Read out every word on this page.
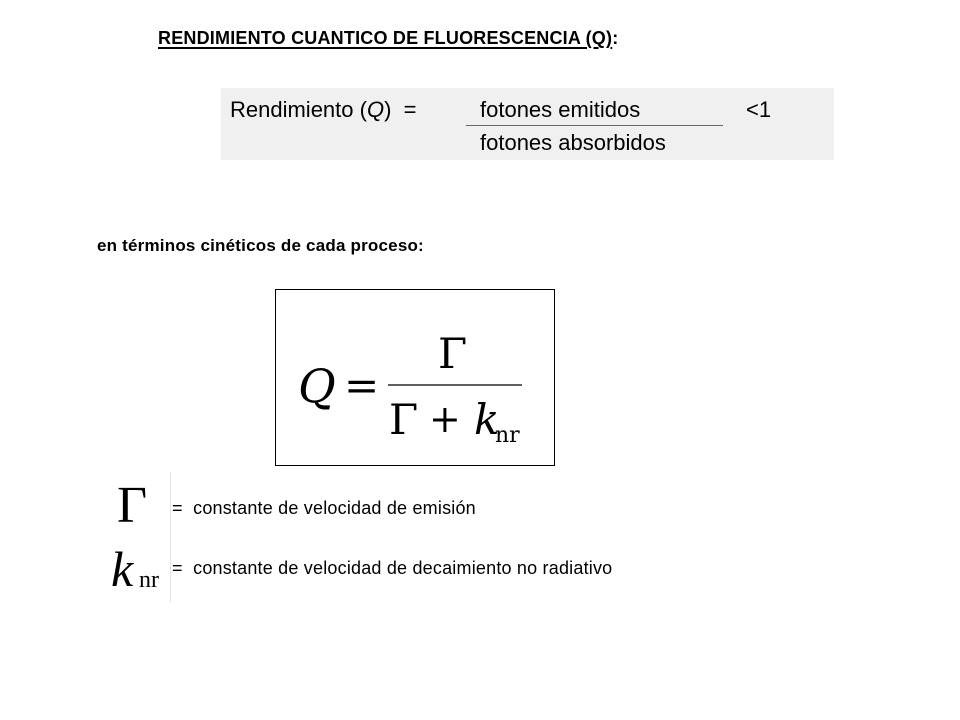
RENDIMIENTO CUANTICO DE FLUORESCENCIA (Q):
Rendimiento (Q)  =	fotones emitidos
fotones absorbidos
<1
en términos cinéticos de cada proceso:
Q =
Γ
Γ + k
nr
Γ
k nr
=  constante de velocidad de emisión
=  constante de velocidad de decaimiento no radiativo
